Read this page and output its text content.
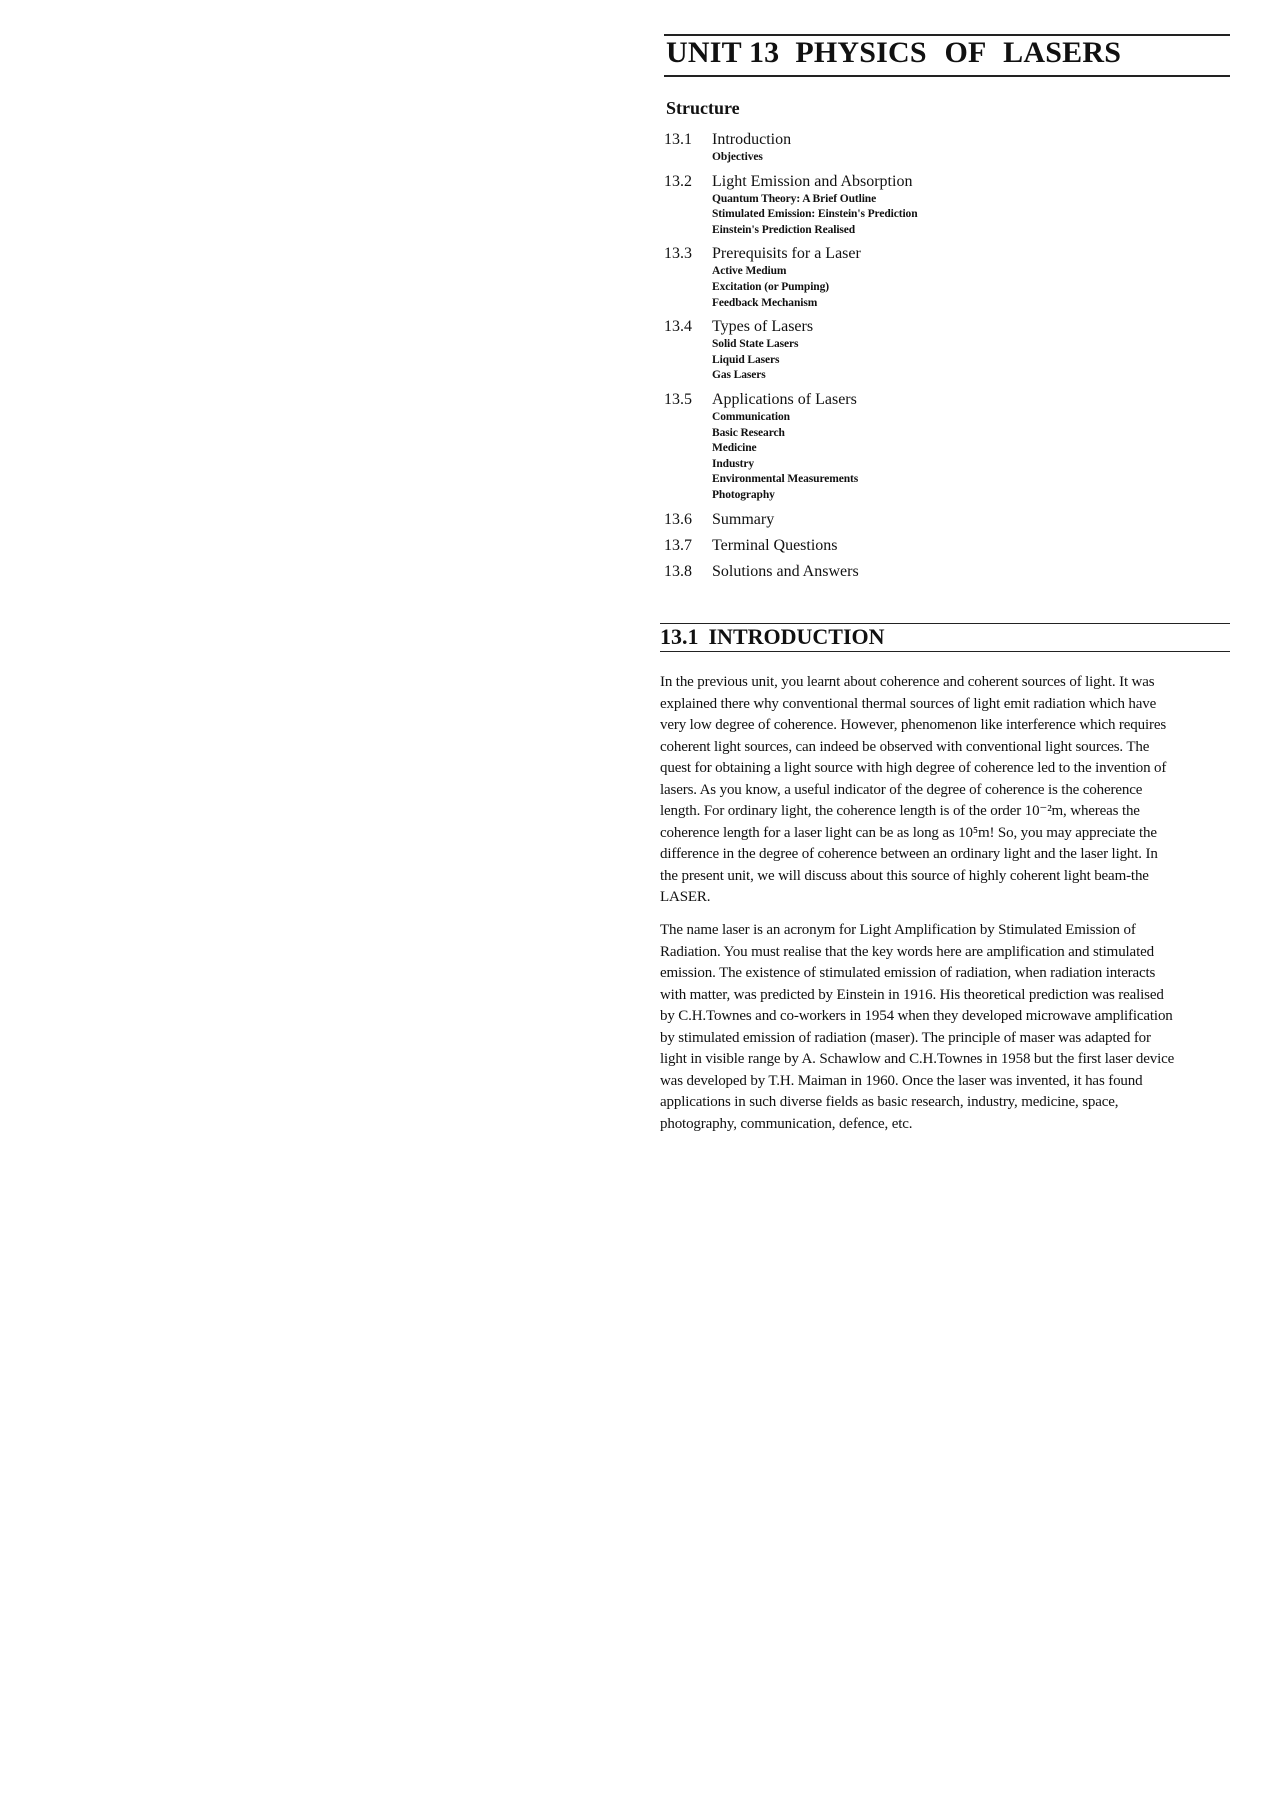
UNIT 13 PHYSICS OF LASERS
Structure
13.1	Introduction
Objectives
13.2	Light Emission and Absorption
Quantum Theory: A Brief Outline
Stimulated Emission: Einstein's Prediction
Einstein's Prediction Realised
13.3	Prerequisits for a Laser
Active Medium
Excitation (or Pumping)
Feedback Mechanism
13.4	Types of Lasers
Solid State Lasers
Liquid Lasers
Gas Lasers
13.5	Applications of Lasers
Communication
Basic Research
Medicine
Industry
Environmental Measurements
Photography
13.6	Summary
13.7	Terminal Questions
13.8	Solutions and Answers
13.1 INTRODUCTION

In the previous unit, you learnt about coherence and coherent sources of light. It was
explained there why conventional thermal sources of light emit radiation which have
very low degree of coherence. However, phenomenon like interference which requires
coherent light sources, can indeed be observed with conventional light sources. The
quest for obtaining a light source with high degree of coherence led to the invention of
lasers. As you know, a useful indicator of the degree of coherence is the coherence
length. For ordinary light, the coherence length is of the order 10⁻²m, whereas the
coherence length for a laser light can be as long as 10⁵m! So, you may appreciate the
difference in the degree of coherence between an ordinary light and the laser light. In
the present unit, we will discuss about this source of highly coherent light beam-the
LASER.

The name laser is an acronym for Light Amplification by Stimulated Emission of
Radiation. You must realise that the key words here are amplification and stimulated
emission. The existence of stimulated emission of radiation, when radiation interacts
with matter, was predicted by Einstein in 1916. His theoretical prediction was realised
by C.H.Townes and co-workers in 1954 when they developed microwave amplification
by stimulated emission of radiation (maser). The principle of maser was adapted for
light in visible range by A. Schawlow and C.H.Townes in 1958 but the first laser device
was developed by T.H. Maiman in 1960. Once the laser was invented, it has found
applications in such diverse fields as basic research, industry, medicine, space,
photography, communication, defence, etc.
